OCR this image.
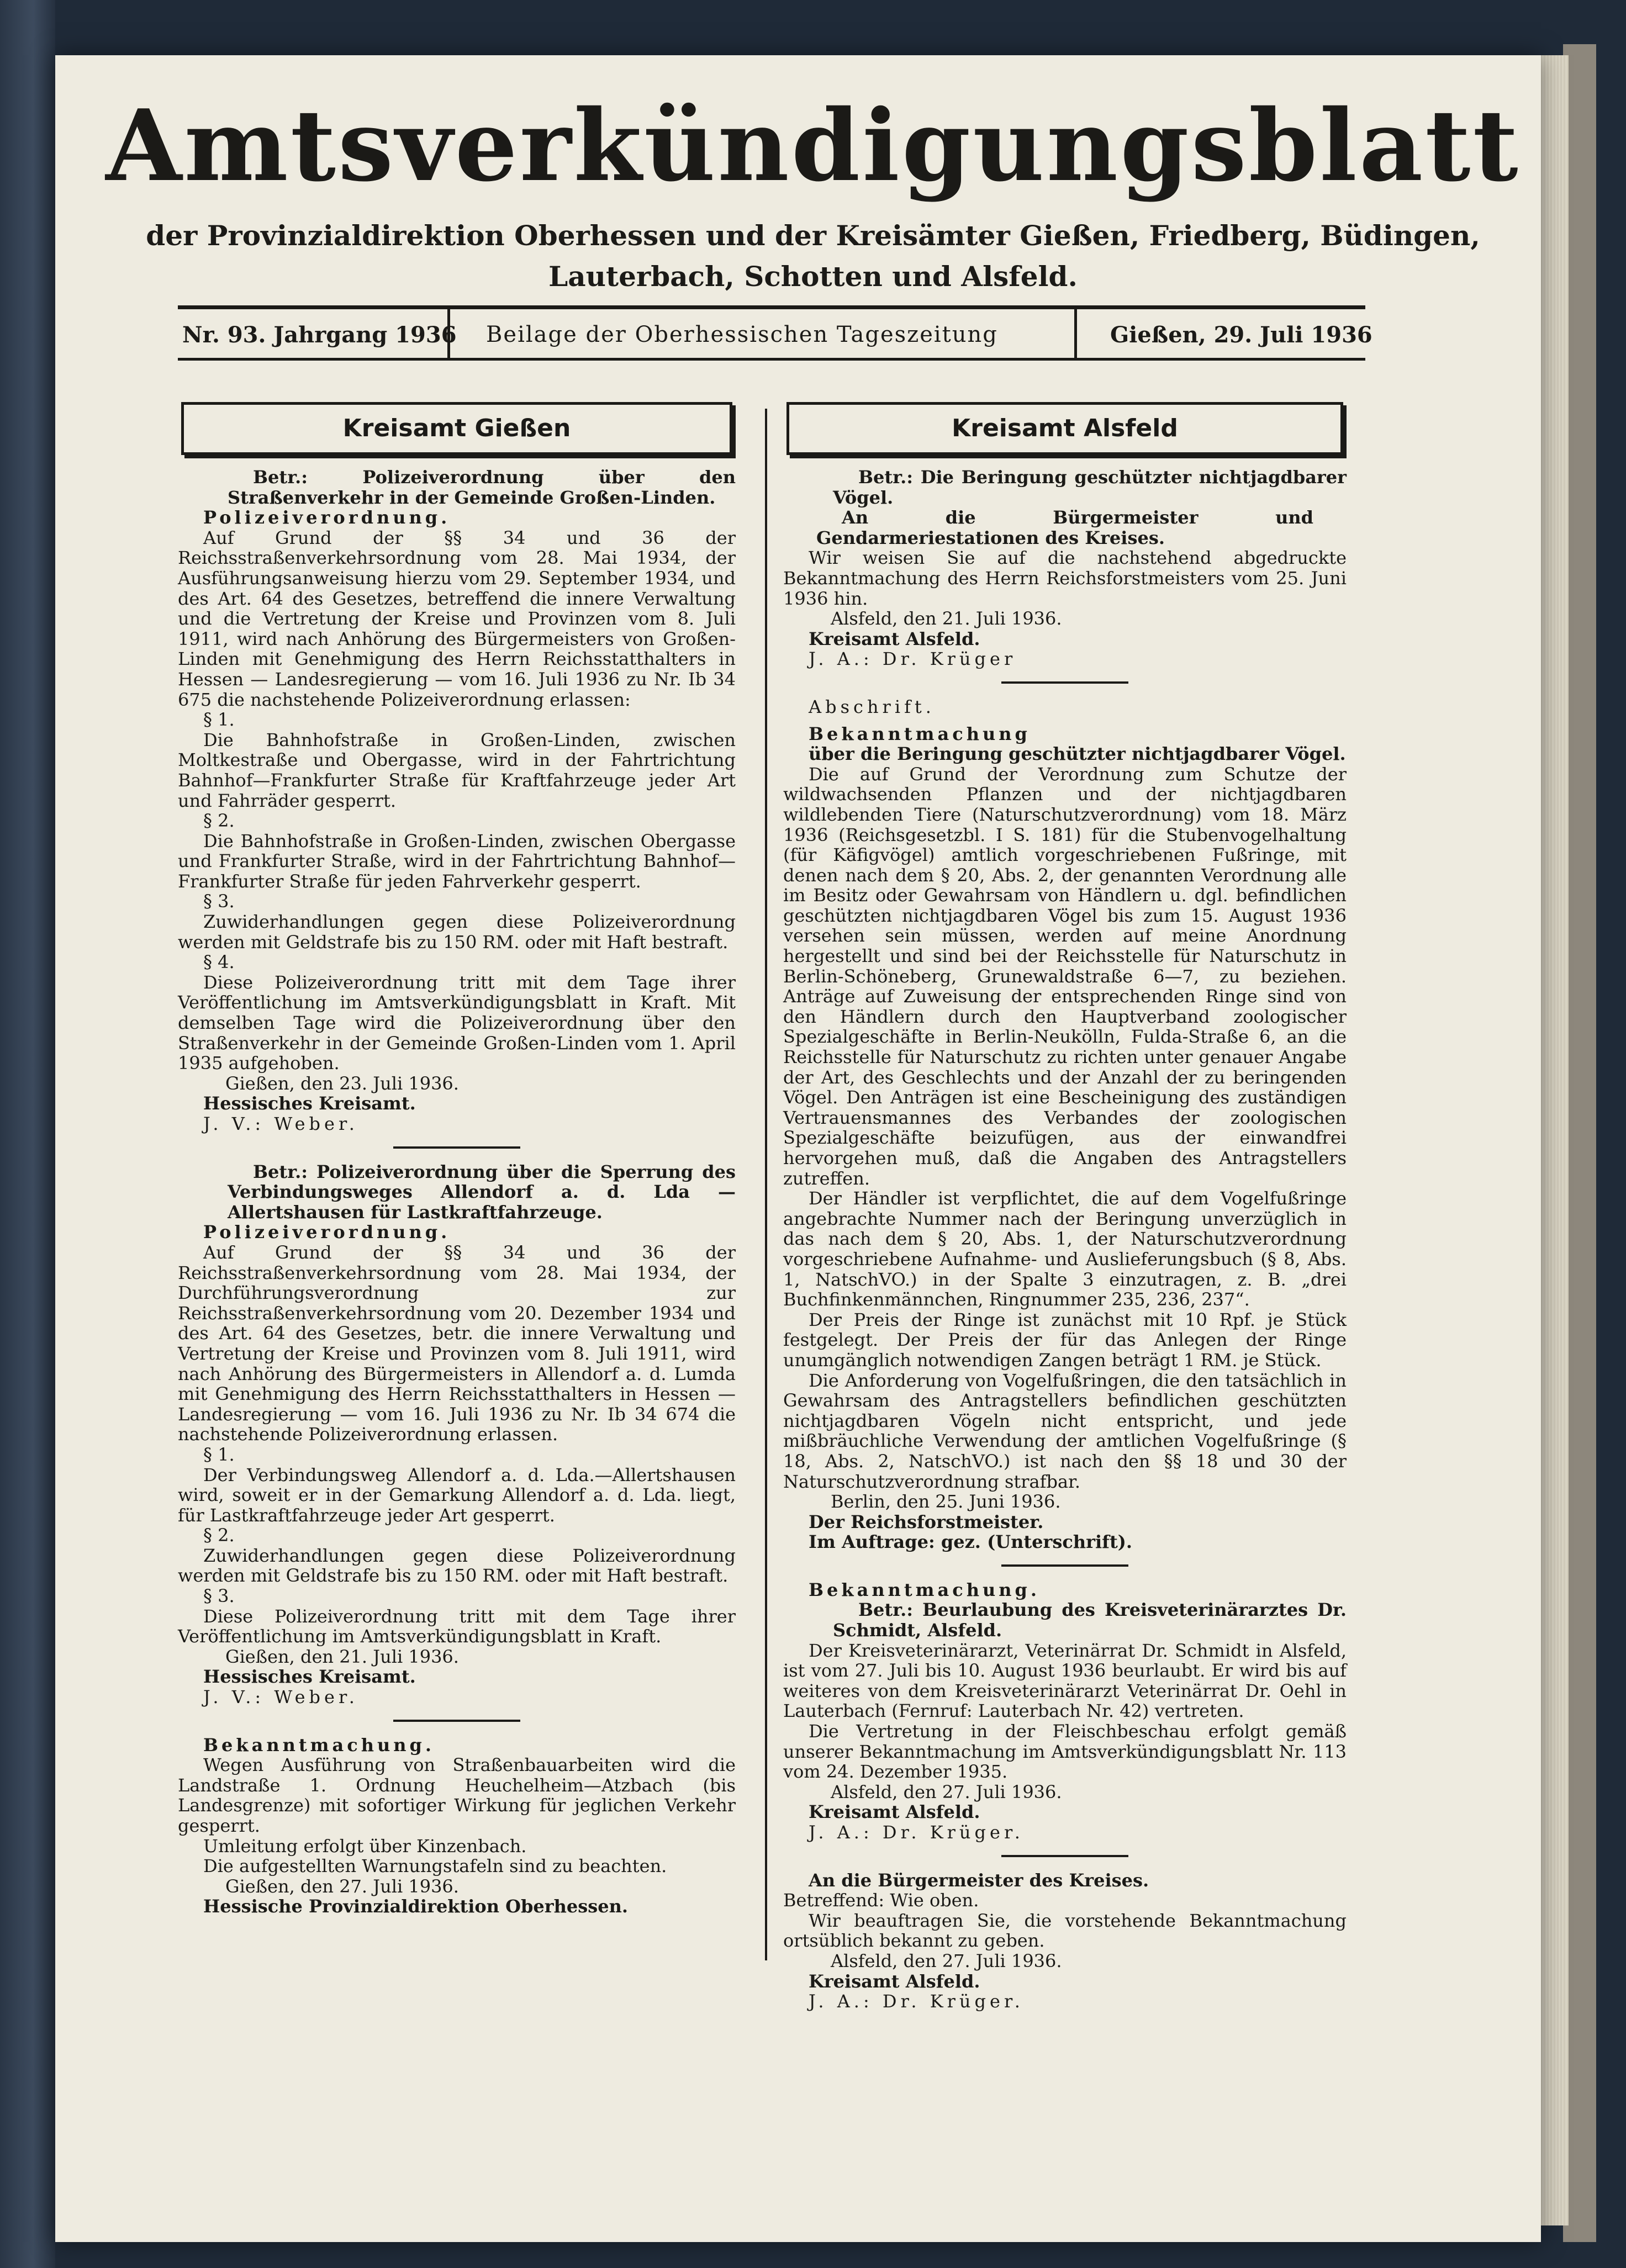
Amtsverkündigungsblatt
der Provinzialdirektion Oberhessen und der Kreisämter Gießen, Friedberg, Büdingen, Lauterbach, Schotten und Alsfeld.
Nr. 93. Jahrgang 1936 Beilage der Oberhessischen Tageszeitung	Gießen, 29. Juli 1936
Kreisamt Gießen

Betr.: Polizeiverordnung über den Straßenverkehr in der Gemeinde Großen-Linden.

Polizeiverordnung.

Auf Grund der §§ 34 und 36 der Reichsstraßenverkehrsordnung vom 28. Mai 1934, der Ausführungsanweisung hierzu vom 29. September 1934, und des Art. 64 des Gesetzes, betreffend die innere Verwaltung und die Vertretung der Kreise und Provinzen vom 8. Juli 1911, wird nach Anhörung des Bürgermeisters von Großen-Linden mit Genehmigung des Herrn Reichsstatthalters in Hessen — Landesregierung — vom 16. Juli 1936 zu Nr. Ib 34 675 die nachstehende Polizeiverordnung erlassen:

§ 1.

Die Bahnhofstraße in Großen-Linden, zwischen Moltkestraße und Obergasse, wird in der Fahrtrichtung Bahnhof—Frankfurter Straße für Kraftfahrzeuge jeder Art und Fahrräder gesperrt.

§ 2.

Die Bahnhofstraße in Großen-Linden, zwischen Obergasse und Frankfurter Straße, wird in der Fahrtrichtung Bahnhof—Frankfurter Straße für jeden Fahrverkehr gesperrt.

§ 3.

Zuwiderhandlungen gegen diese Polizeiverordnung werden mit Geldstrafe bis zu 150 RM. oder mit Haft bestraft.

§ 4.

Diese Polizeiverordnung tritt mit dem Tage ihrer Veröffentlichung im Amtsverkündigungsblatt in Kraft. Mit demselben Tage wird die Polizeiverordnung über den Straßenverkehr in der Gemeinde Großen-Linden vom 1. April 1935 aufgehoben.

Gießen, den 23. Juli 1936.

Hessisches Kreisamt.

J. V.: Weber.

Betr.: Polizeiverordnung über die Sperrung des Verbindungsweges Allendorf a. d. Lda — Allertshausen für Lastkraftfahrzeuge.

Polizeiverordnung.

Auf Grund der §§ 34 und 36 der Reichsstraßenverkehrsordnung vom 28. Mai 1934, der Durchführungsverordnung zur Reichsstraßenverkehrsordnung vom 20. Dezember 1934 und des Art. 64 des Gesetzes, betr. die innere Verwaltung und Vertretung der Kreise und Provinzen vom 8. Juli 1911, wird nach Anhörung des Bürgermeisters in Allendorf a. d. Lumda mit Genehmigung des Herrn Reichsstatthalters in Hessen — Landesregierung — vom 16. Juli 1936 zu Nr. Ib 34 674 die nachstehende Polizeiverordnung erlassen.

§ 1.

Der Verbindungsweg Allendorf a. d. Lda.—Allertshausen wird, soweit er in der Gemarkung Allendorf a. d. Lda. liegt, für Lastkraftfahrzeuge jeder Art gesperrt.

§ 2.

Zuwiderhandlungen gegen diese Polizeiverordnung werden mit Geldstrafe bis zu 150 RM. oder mit Haft bestraft.

§ 3.

Diese Polizeiverordnung tritt mit dem Tage ihrer Veröffentlichung im Amtsverkündigungsblatt in Kraft.

Gießen, den 21. Juli 1936.

Hessisches Kreisamt.

J. V.: Weber.

Bekanntmachung.

Wegen Ausführung von Straßenbauarbeiten wird die Landstraße 1. Ordnung Heuchelheim—Atzbach (bis Landesgrenze) mit sofortiger Wirkung für jeglichen Verkehr gesperrt.

Umleitung erfolgt über Kinzenbach.

Die aufgestellten Warnungstafeln sind zu beachten.

Gießen, den 27. Juli 1936.

Hessische Provinzialdirektion Oberhessen.

Kreisamt Alsfeld

Betr.: Die Beringung geschützter nichtjagdbarer Vögel.

An die Bürgermeister und Gendarmeriestationen des Kreises.

Wir weisen Sie auf die nachstehend abgedruckte Bekanntmachung des Herrn Reichsforstmeisters vom 25. Juni 1936 hin.

Alsfeld, den 21. Juli 1936.

Kreisamt Alsfeld.

J. A.: Dr. Krüger

Abschrift.

Bekanntmachung

über die Beringung geschützter nichtjagdbarer Vögel.

Die auf Grund der Verordnung zum Schutze der wildwachsenden Pflanzen und der nichtjagdbaren wildlebenden Tiere (Naturschutzverordnung) vom 18. März 1936 (Reichsgesetzbl. I S. 181) für die Stubenvogelhaltung (für Käfigvögel) amtlich vorgeschriebenen Fußringe, mit denen nach dem § 20, Abs. 2, der genannten Verordnung alle im Besitz oder Gewahrsam von Händlern u. dgl. befindlichen geschützten nichtjagdbaren Vögel bis zum 15. August 1936 versehen sein müssen, werden auf meine Anordnung hergestellt und sind bei der Reichsstelle für Naturschutz in Berlin-Schöneberg, Grunewaldstraße 6—7, zu beziehen. Anträge auf Zuweisung der entsprechenden Ringe sind von den Händlern durch den Hauptverband zoologischer Spezialgeschäfte in Berlin-Neukölln, Fulda-Straße 6, an die Reichsstelle für Naturschutz zu richten unter genauer Angabe der Art, des Geschlechts und der Anzahl der zu beringenden Vögel. Den Anträgen ist eine Bescheinigung des zuständigen Vertrauensmannes des Verbandes der zoologischen Spezialgeschäfte beizufügen, aus der einwandfrei hervorgehen muß, daß die Angaben des Antragstellers zutreffen.

Der Händler ist verpflichtet, die auf dem Vogelfußringe angebrachte Nummer nach der Beringung unverzüglich in das nach dem § 20, Abs. 1, der Naturschutzverordnung vorgeschriebene Aufnahme- und Auslieferungsbuch (§ 8, Abs. 1, NatschVO.) in der Spalte 3 einzutragen, z. B. „drei Buchfinkenmännchen, Ringnummer 235, 236, 237“.

Der Preis der Ringe ist zunächst mit 10 Rpf. je Stück festgelegt. Der Preis der für das Anlegen der Ringe unumgänglich notwendigen Zangen beträgt 1 RM. je Stück.

Die Anforderung von Vogelfußringen, die den tatsächlich in Gewahrsam des Antragstellers befindlichen geschützten nichtjagdbaren Vögeln nicht entspricht, und jede mißbräuchliche Verwendung der amtlichen Vogelfußringe (§ 18, Abs. 2, NatschVO.) ist nach den §§ 18 und 30 der Naturschutzverordnung strafbar.

Berlin, den 25. Juni 1936.

Der Reichsforstmeister.

Im Auftrage: gez. (Unterschrift).

Bekanntmachung.

Betr.: Beurlaubung des Kreisveterinärarztes Dr. Schmidt, Alsfeld.

Der Kreisveterinärarzt, Veterinärrat Dr. Schmidt in Alsfeld, ist vom 27. Juli bis 10. August 1936 beurlaubt. Er wird bis auf weiteres von dem Kreisveterinärarzt Veterinärrat Dr. Oehl in Lauterbach (Fernruf: Lauterbach Nr. 42) vertreten.

Die Vertretung in der Fleischbeschau erfolgt gemäß unserer Bekanntmachung im Amtsverkündigungsblatt Nr. 113 vom 24. Dezember 1935.

Alsfeld, den 27. Juli 1936.

Kreisamt Alsfeld.

J. A.: Dr. Krüger.

An die Bürgermeister des Kreises.

Betreffend: Wie oben.

Wir beauftragen Sie, die vorstehende Bekanntmachung ortsüblich bekannt zu geben.

Alsfeld, den 27. Juli 1936.

Kreisamt Alsfeld.

J. A.: Dr. Krüger.
